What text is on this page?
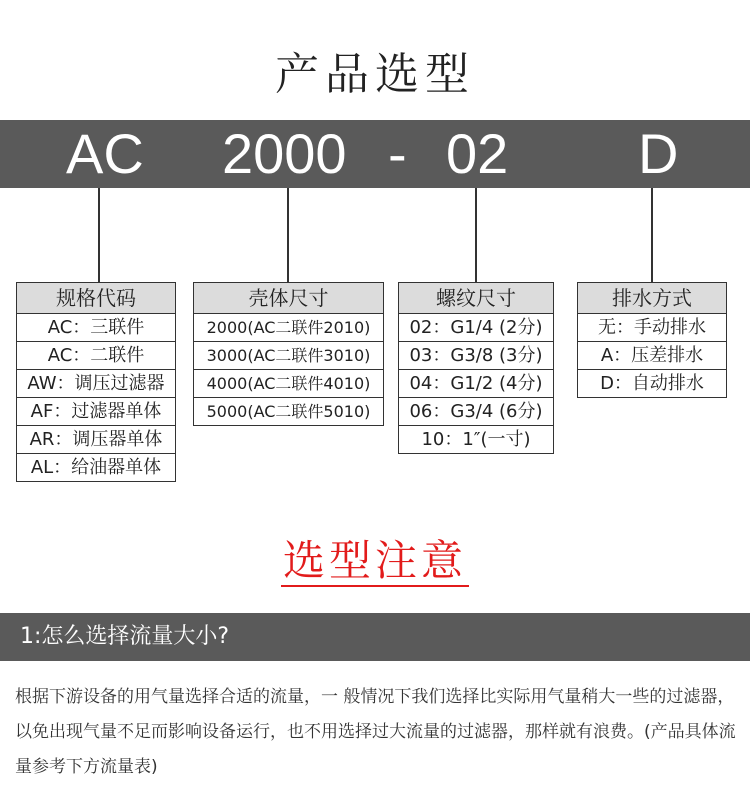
产品选型
AC 2000 - 02 D
规格代码
AC：三联件
AC：二联件
AW：调压过滤器
AF：过滤器单体
AR：调压器单体
AL：给油器单体
壳体尺寸
2000(AC二联件2010)
3000(AC二联件3010)
4000(AC二联件4010)
5000(AC二联件5010)
螺纹尺寸
02：G1/4 (2分)
03：G3/8 (3分)
04：G1/2 (4分)
06：G3/4 (6分)
10：1″(一寸)
排水方式
无：手动排水
A：压差排水
D：自动排水
选型注意
1:怎么选择流量大小?
根据下游设备的用气量选择合适的流量，一 般情况下我们选择比实际用气量稍大一些的过滤器，以免出现气量不足而影响设备运行，也不用选择过大流量的过滤器，那样就有浪费。(产品具体流量参考下方流量表)
